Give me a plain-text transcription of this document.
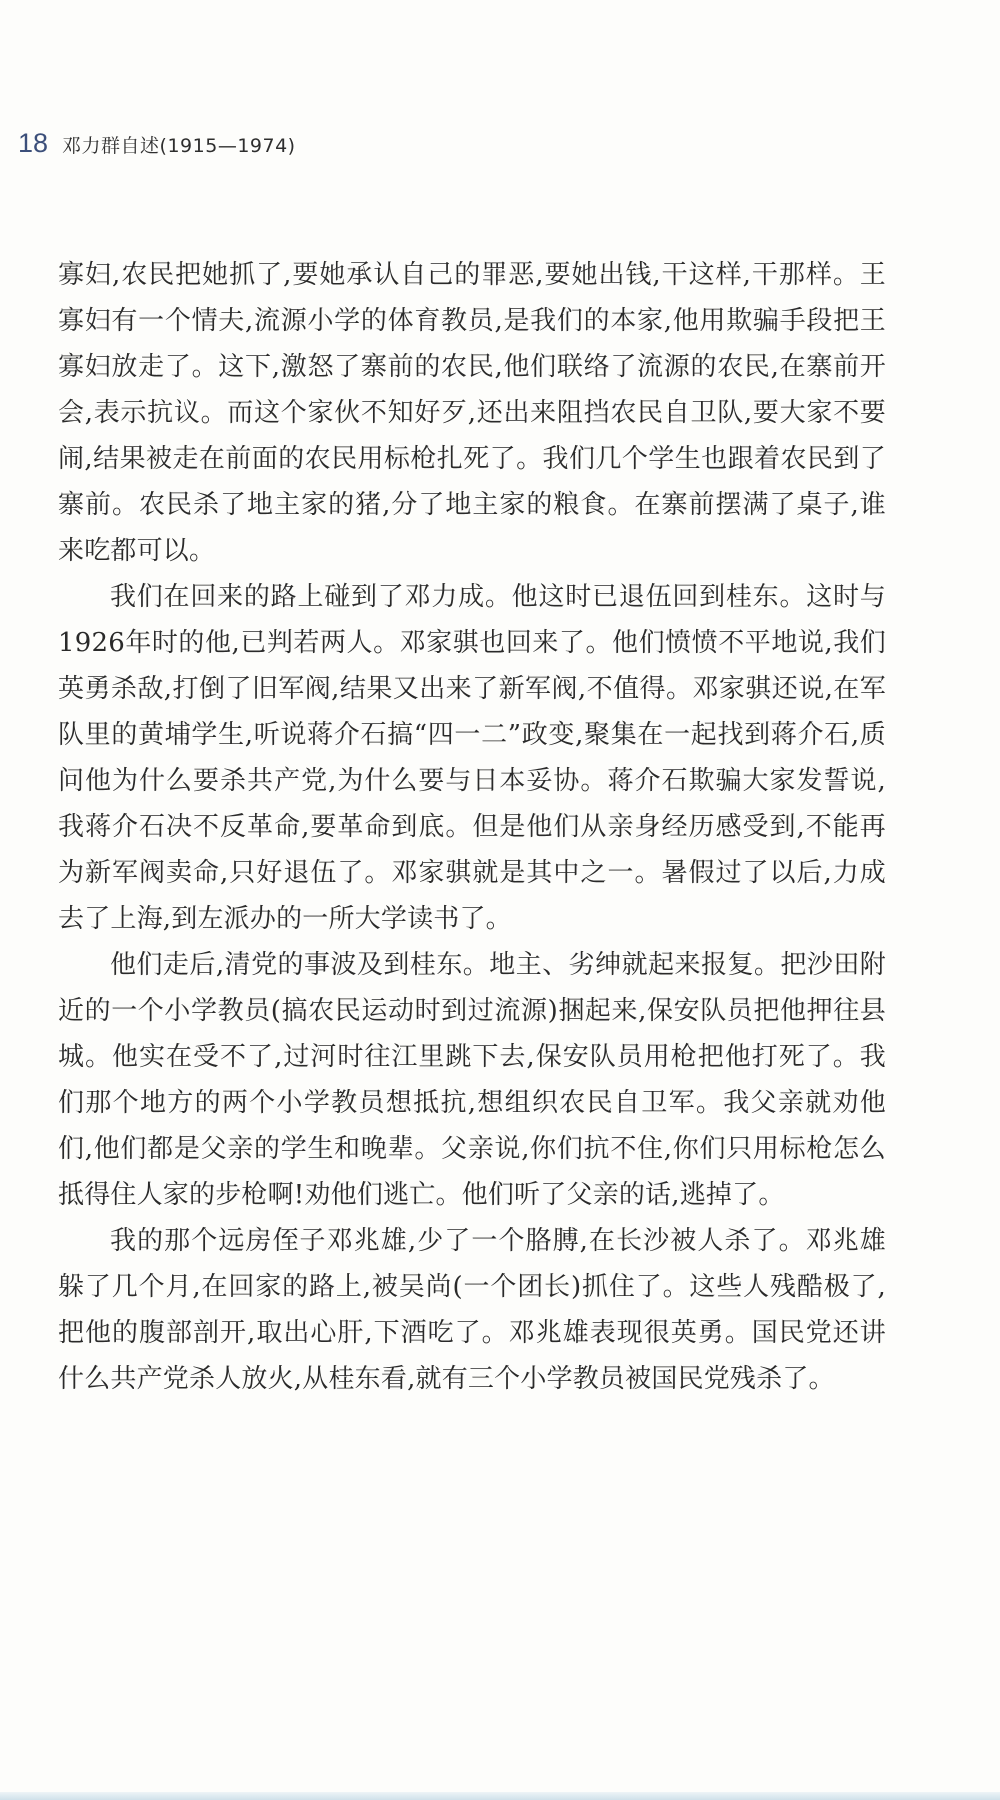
18 邓力群自述(1915—1974)

寡妇,农民把她抓了,要她承认自己的罪恶,要她出钱,干这样,干那样。王寡妇有一个情夫,流源小学的体育教员,是我们的本家,他用欺骗手段把王寡妇放走了。这下,激怒了寨前的农民,他们联络了流源的农民,在寨前开会,表示抗议。而这个家伙不知好歹,还出来阻挡农民自卫队,要大家不要闹,结果被走在前面的农民用标枪扎死了。我们几个学生也跟着农民到了寨前。农民杀了地主家的猪,分了地主家的粮食。在寨前摆满了桌子,谁来吃都可以。

我们在回来的路上碰到了邓力成。他这时已退伍回到桂东。这时与1926年时的他,已判若两人。邓家骐也回来了。他们愤愤不平地说,我们英勇杀敌,打倒了旧军阀,结果又出来了新军阀,不值得。邓家骐还说,在军队里的黄埔学生,听说蒋介石搞“四一二”政变,聚集在一起找到蒋介石,质问他为什么要杀共产党,为什么要与日本妥协。蒋介石欺骗大家发誓说,我蒋介石决不反革命,要革命到底。但是他们从亲身经历感受到,不能再为新军阀卖命,只好退伍了。邓家骐就是其中之一。暑假过了以后,力成去了上海,到左派办的一所大学读书了。

他们走后,清党的事波及到桂东。地主、劣绅就起来报复。把沙田附近的一个小学教员(搞农民运动时到过流源)捆起来,保安队员把他押往县城。他实在受不了,过河时往江里跳下去,保安队员用枪把他打死了。我们那个地方的两个小学教员想抵抗,想组织农民自卫军。我父亲就劝他们,他们都是父亲的学生和晚辈。父亲说,你们抗不住,你们只用标枪怎么抵得住人家的步枪啊!劝他们逃亡。他们听了父亲的话,逃掉了。

我的那个远房侄子邓兆雄,少了一个胳膊,在长沙被人杀了。邓兆雄躲了几个月,在回家的路上,被吴尚(一个团长)抓住了。这些人残酷极了,把他的腹部剖开,取出心肝,下酒吃了。邓兆雄表现很英勇。国民党还讲什么共产党杀人放火,从桂东看,就有三个小学教员被国民党残杀了。
